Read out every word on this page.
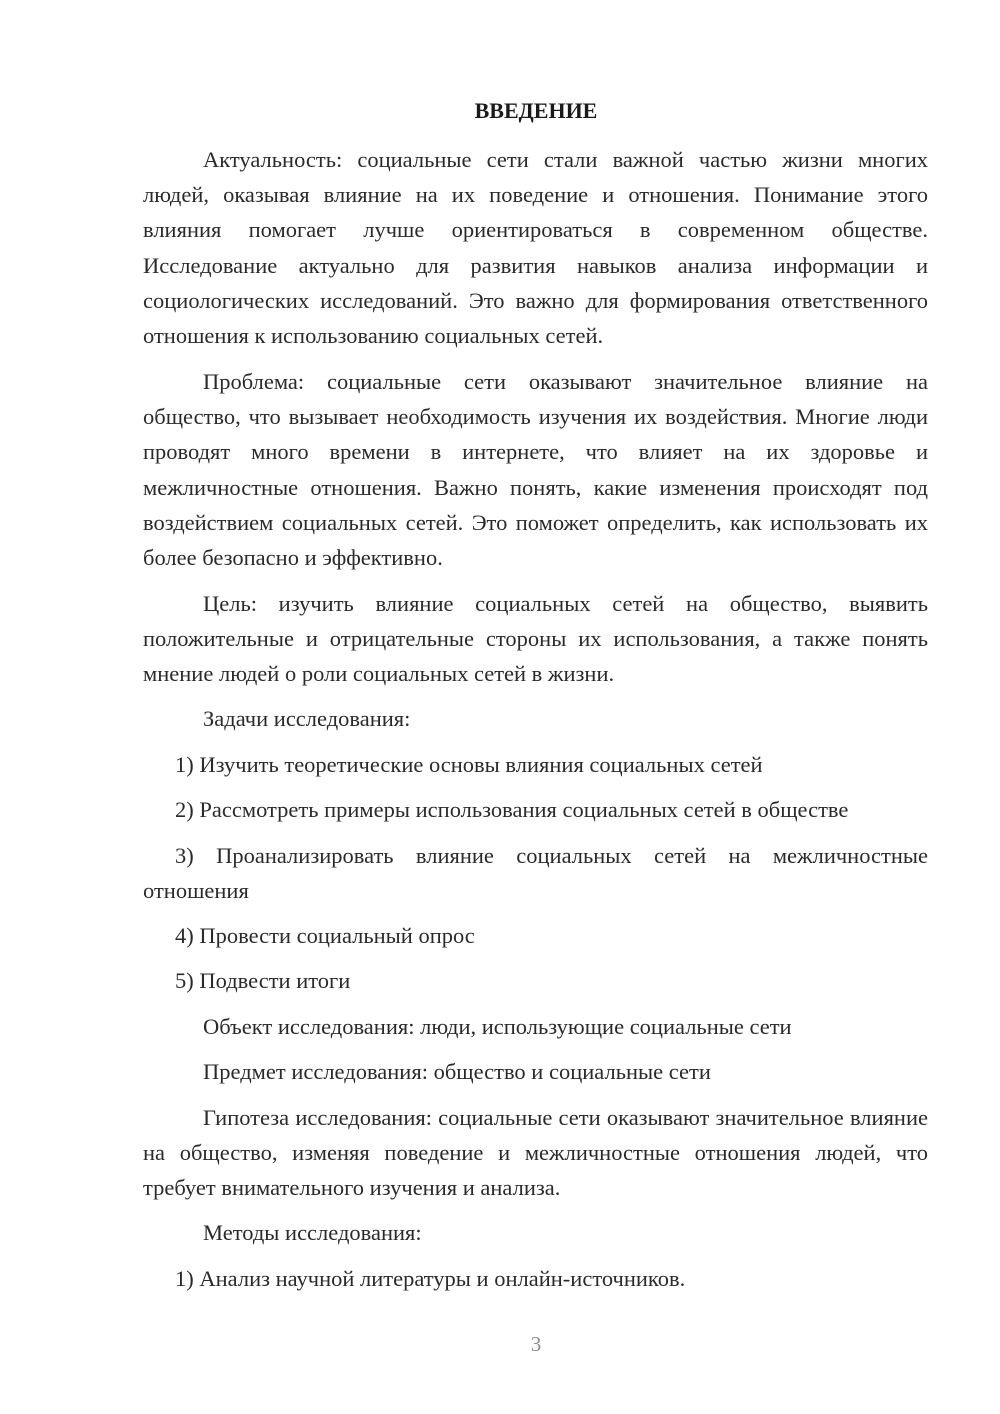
ВВЕДЕНИЕ

Актуальность: социальные сети стали важной частью жизни многих людей, оказывая влияние на их поведение и отношения. Понимание этого влияния помогает лучше ориентироваться в современном обществе. Исследование актуально для развития навыков анализа информации и социологических исследований. Это важно для формирования ответственного отношения к использованию социальных сетей.

Проблема: социальные сети оказывают значительное влияние на общество, что вызывает необходимость изучения их воздействия. Многие люди проводят много времени в интернете, что влияет на их здоровье и межличностные отношения. Важно понять, какие изменения происходят под воздействием социальных сетей. Это поможет определить, как использовать их более безопасно и эффективно.

Цель: изучить влияние социальных сетей на общество, выявить положительные и отрицательные стороны их использования, а также понять мнение людей о роли социальных сетей в жизни.

Задачи исследования:

1) Изучить теоретические основы влияния социальных сетей

2) Рассмотреть примеры использования социальных сетей в обществе

3) Проанализировать влияние социальных сетей на межличностные отношения

4) Провести социальный опрос

5) Подвести итоги

Объект исследования: люди, использующие социальные сети

Предмет исследования: общество и социальные сети

Гипотеза исследования: социальные сети оказывают значительное влияние на общество, изменяя поведение и межличностные отношения людей, что требует внимательного изучения и анализа.

Методы исследования:

1) Анализ научной литературы и онлайн-источников.

3
